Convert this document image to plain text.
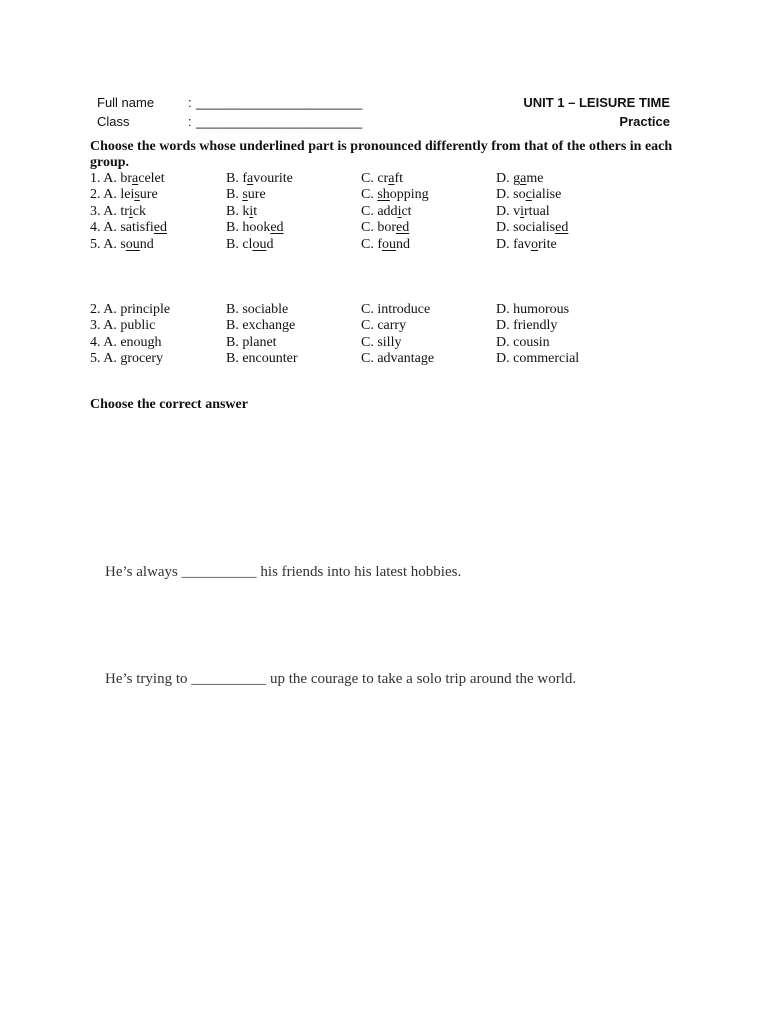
Full name	: _______________________	UNIT 1 – LEISURE TIME
Class	: _______________________	Practice
Choose the words whose underlined part is pronounced differently from that of the others in each group.
1. A. bracelet	B. favourite	C. craft	D. game
2. A. leisure	B. sure	C. shopping	D. socialise
3. A. trick	B. kit	C. addict	D. virtual
4. A. satisfied	B. hooked	C. bored	D. socialised
5. A. sound	B. cloud	C. found	D. favorite
2. A. principle	B. sociable	C. introduce	D. humorous
3. A. public	B. exchange	C. carry	D. friendly
4. A. enough	B. planet	C. silly	D. cousin
5. A. grocery	B. encounter	C. advantage	D. commercial
Choose the correct answer
He’s always __________ his friends into his latest hobbies.
He’s trying to __________ up the courage to take a solo trip around the world.
